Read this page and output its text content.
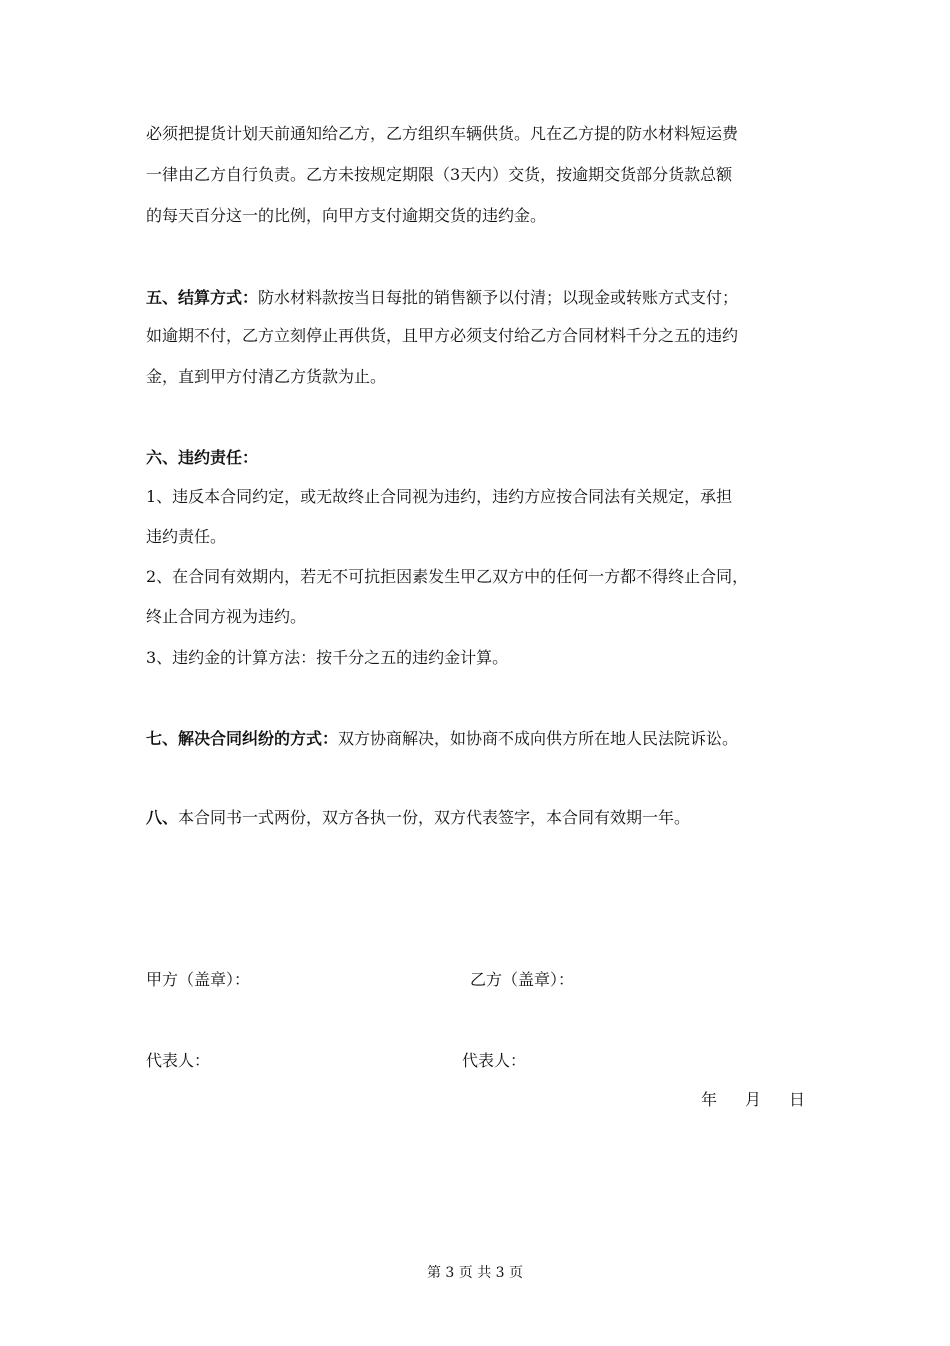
必须把提货计划天前通知给乙方，乙方组织车辆供货。凡在乙方提的防水材料短运费
一律由乙方自行负责。乙方未按规定期限（3天内）交货，按逾期交货部分货款总额
的每天百分这一的比例，向甲方支付逾期交货的违约金。
五、结算方式：防水材料款按当日每批的销售额予以付清；以现金或转账方式支付；
如逾期不付，乙方立刻停止再供货，且甲方必须支付给乙方合同材料千分之五的违约
金，直到甲方付清乙方货款为止。
六、违约责任：
1、违反本合同约定，或无故终止合同视为违约，违约方应按合同法有关规定，承担
违约责任。
2、在合同有效期内，若无不可抗拒因素发生甲乙双方中的任何一方都不得终止合同，
终止合同方视为违约。
3、违约金的计算方法：按千分之五的违约金计算。
七、解决合同纠纷的方式：双方协商解决，如协商不成向供方所在地人民法院诉讼。
八、本合同书一式两份，双方各执一份，双方代表签字，本合同有效期一年。
甲方（盖章）：	乙方（盖章）：
代表人：	代表人：
年 月 日
第 3 页 共 3 页
